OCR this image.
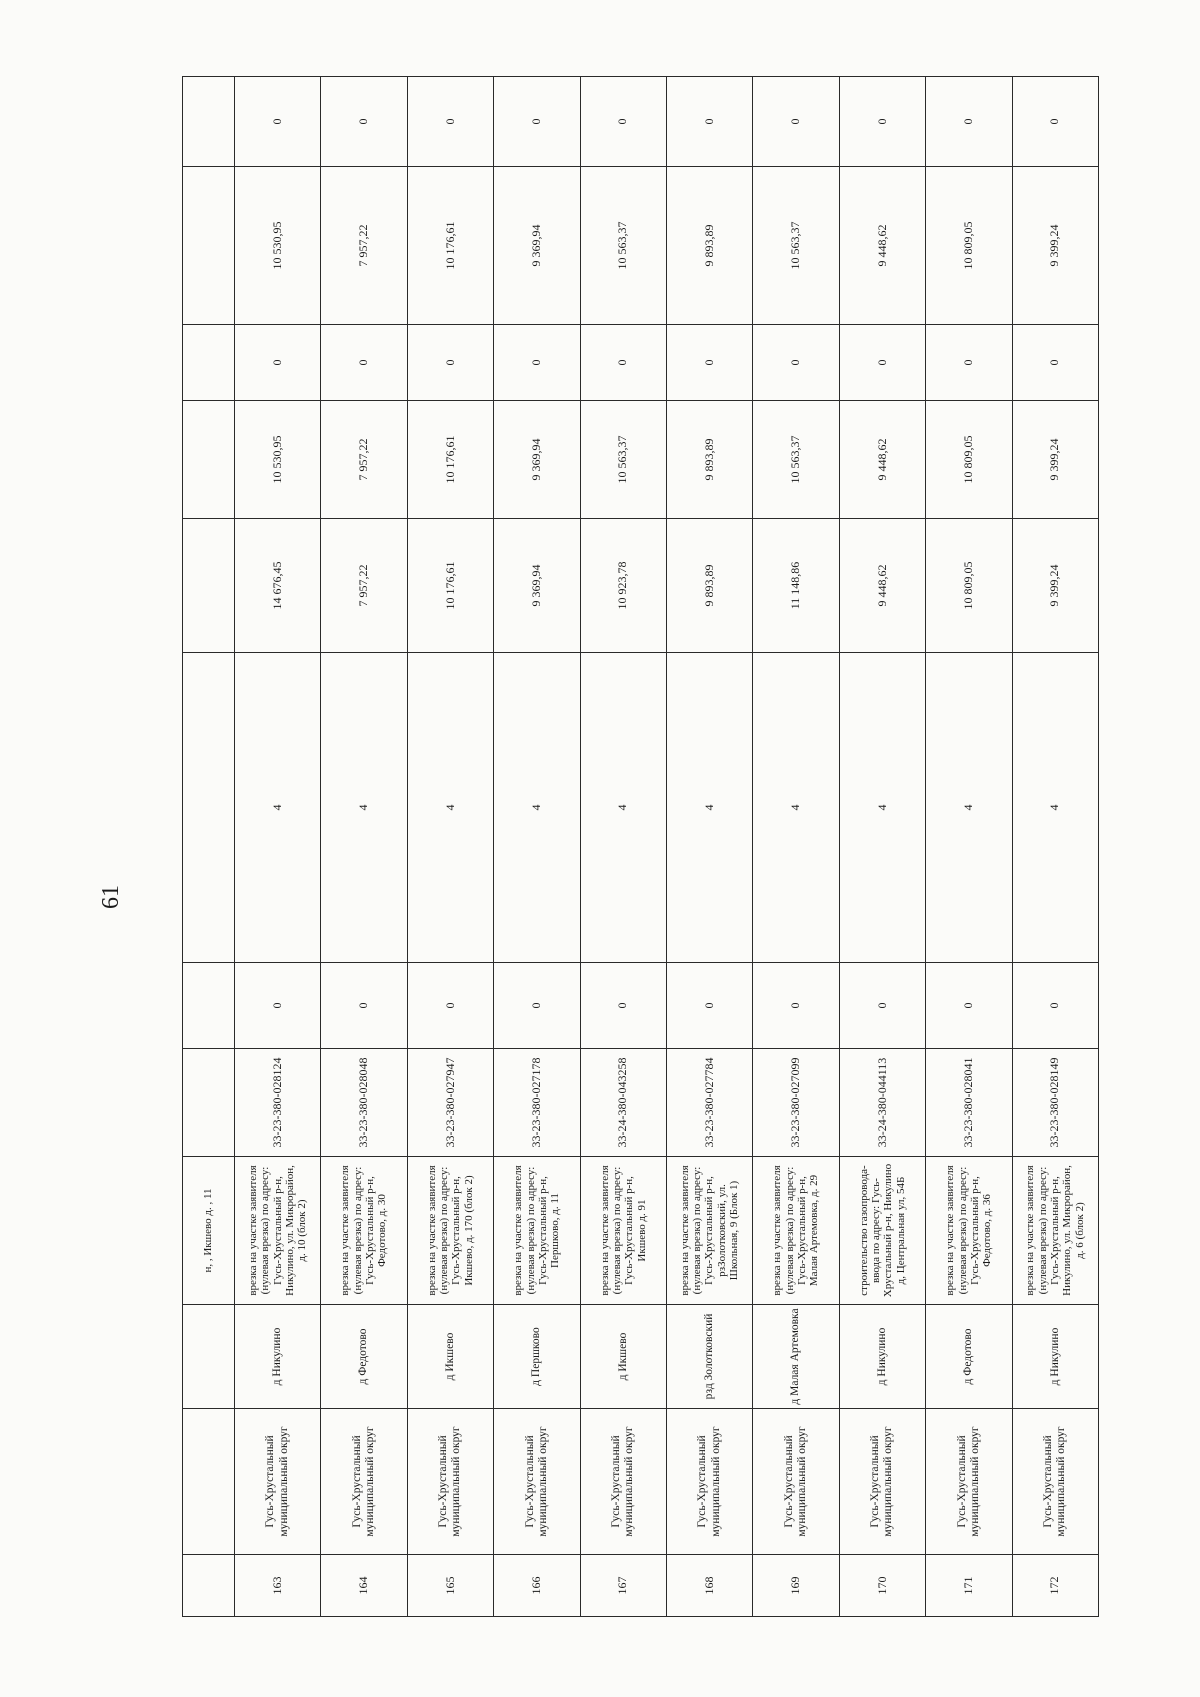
61
			н, , Икшево д. , 11									
163	Гусь-Хрустальный муниципальный округ	д Никулино	врезка на участке заявителя (нулевая врезка) по адресу: Гусь-Хрустальный р-н, Никулино, ул. Микрорайон, д. 10 (блок 2)	33-23-380-028124	0	4	14 676,45	10 530,95	0	10 530,95	0	
164	Гусь-Хрустальный муниципальный округ	д Федотово	врезка на участке заявителя (нулевая врезка) по адресу: Гусь-Хрустальный р-н, Федотово, д. 30	33-23-380-028048	0	4	7 957,22	7 957,22	0	7 957,22	0	
165	Гусь-Хрустальный муниципальный округ	д Икшево	врезка на участке заявителя (нулевая врезка) по адресу: Гусь-Хрустальный р-н, Икшево, д. 170 (блок 2)	33-23-380-027947	0	4	10 176,61	10 176,61	0	10 176,61	0	
166	Гусь-Хрустальный муниципальный округ	д Першково	врезка на участке заявителя (нулевая врезка) по адресу: Гусь-Хрустальный р-н, Першково, д. 11	33-23-380-027178	0	4	9 369,94	9 369,94	0	9 369,94	0	
167	Гусь-Хрустальный муниципальный округ	д Икшево	врезка на участке заявителя (нулевая врезка) по адресу: Гусь-Хрустальный р-н, Икшево д. 91	33-24-380-043258	0	4	10 923,78	10 563,37	0	10 563,37	0	
168	Гусь-Хрустальный муниципальный округ	рзд Золотковский	врезка на участке заявителя (нулевая врезка) по адресу: Гусь-Хрустальный р-н, рзЗолотковский, ул. Школьная, 9 (Блок 1)	33-23-380-027784	0	4	9 893,89	9 893,89	0	9 893,89	0	
169	Гусь-Хрустальный муниципальный округ	д Малая Артемовка	врезка на участке заявителя (нулевая врезка) по адресу: Гусь-Хрустальный р-н, Малая Артемовка, д. 29	33-23-380-027099	0	4	11 148,86	10 563,37	0	10 563,37	0	
170	Гусь-Хрустальный муниципальный округ	д Никулино	строительство газопровода-ввода по адресу: Гусь-Хрустальный р-н, Никулино д, Центральная ул, 54Б	33-24-380-044113	0	4	9 448,62	9 448,62	0	9 448,62	0	
171	Гусь-Хрустальный муниципальный округ	д Федотово	врезка на участке заявителя (нулевая врезка) по адресу: Гусь-Хрустальный р-н, Федотово, д. 36	33-23-380-028041	0	4	10 809,05	10 809,05	0	10 809,05	0	
172	Гусь-Хрустальный муниципальный округ	д Никулино	врезка на участке заявителя (нулевая врезка) по адресу: Гусь-Хрустальный р-н, Никулино, ул. Микрорайон, д. 6 (блок 2)	33-23-380-028149	0	4	9 399,24	9 399,24	0	9 399,24	0	
